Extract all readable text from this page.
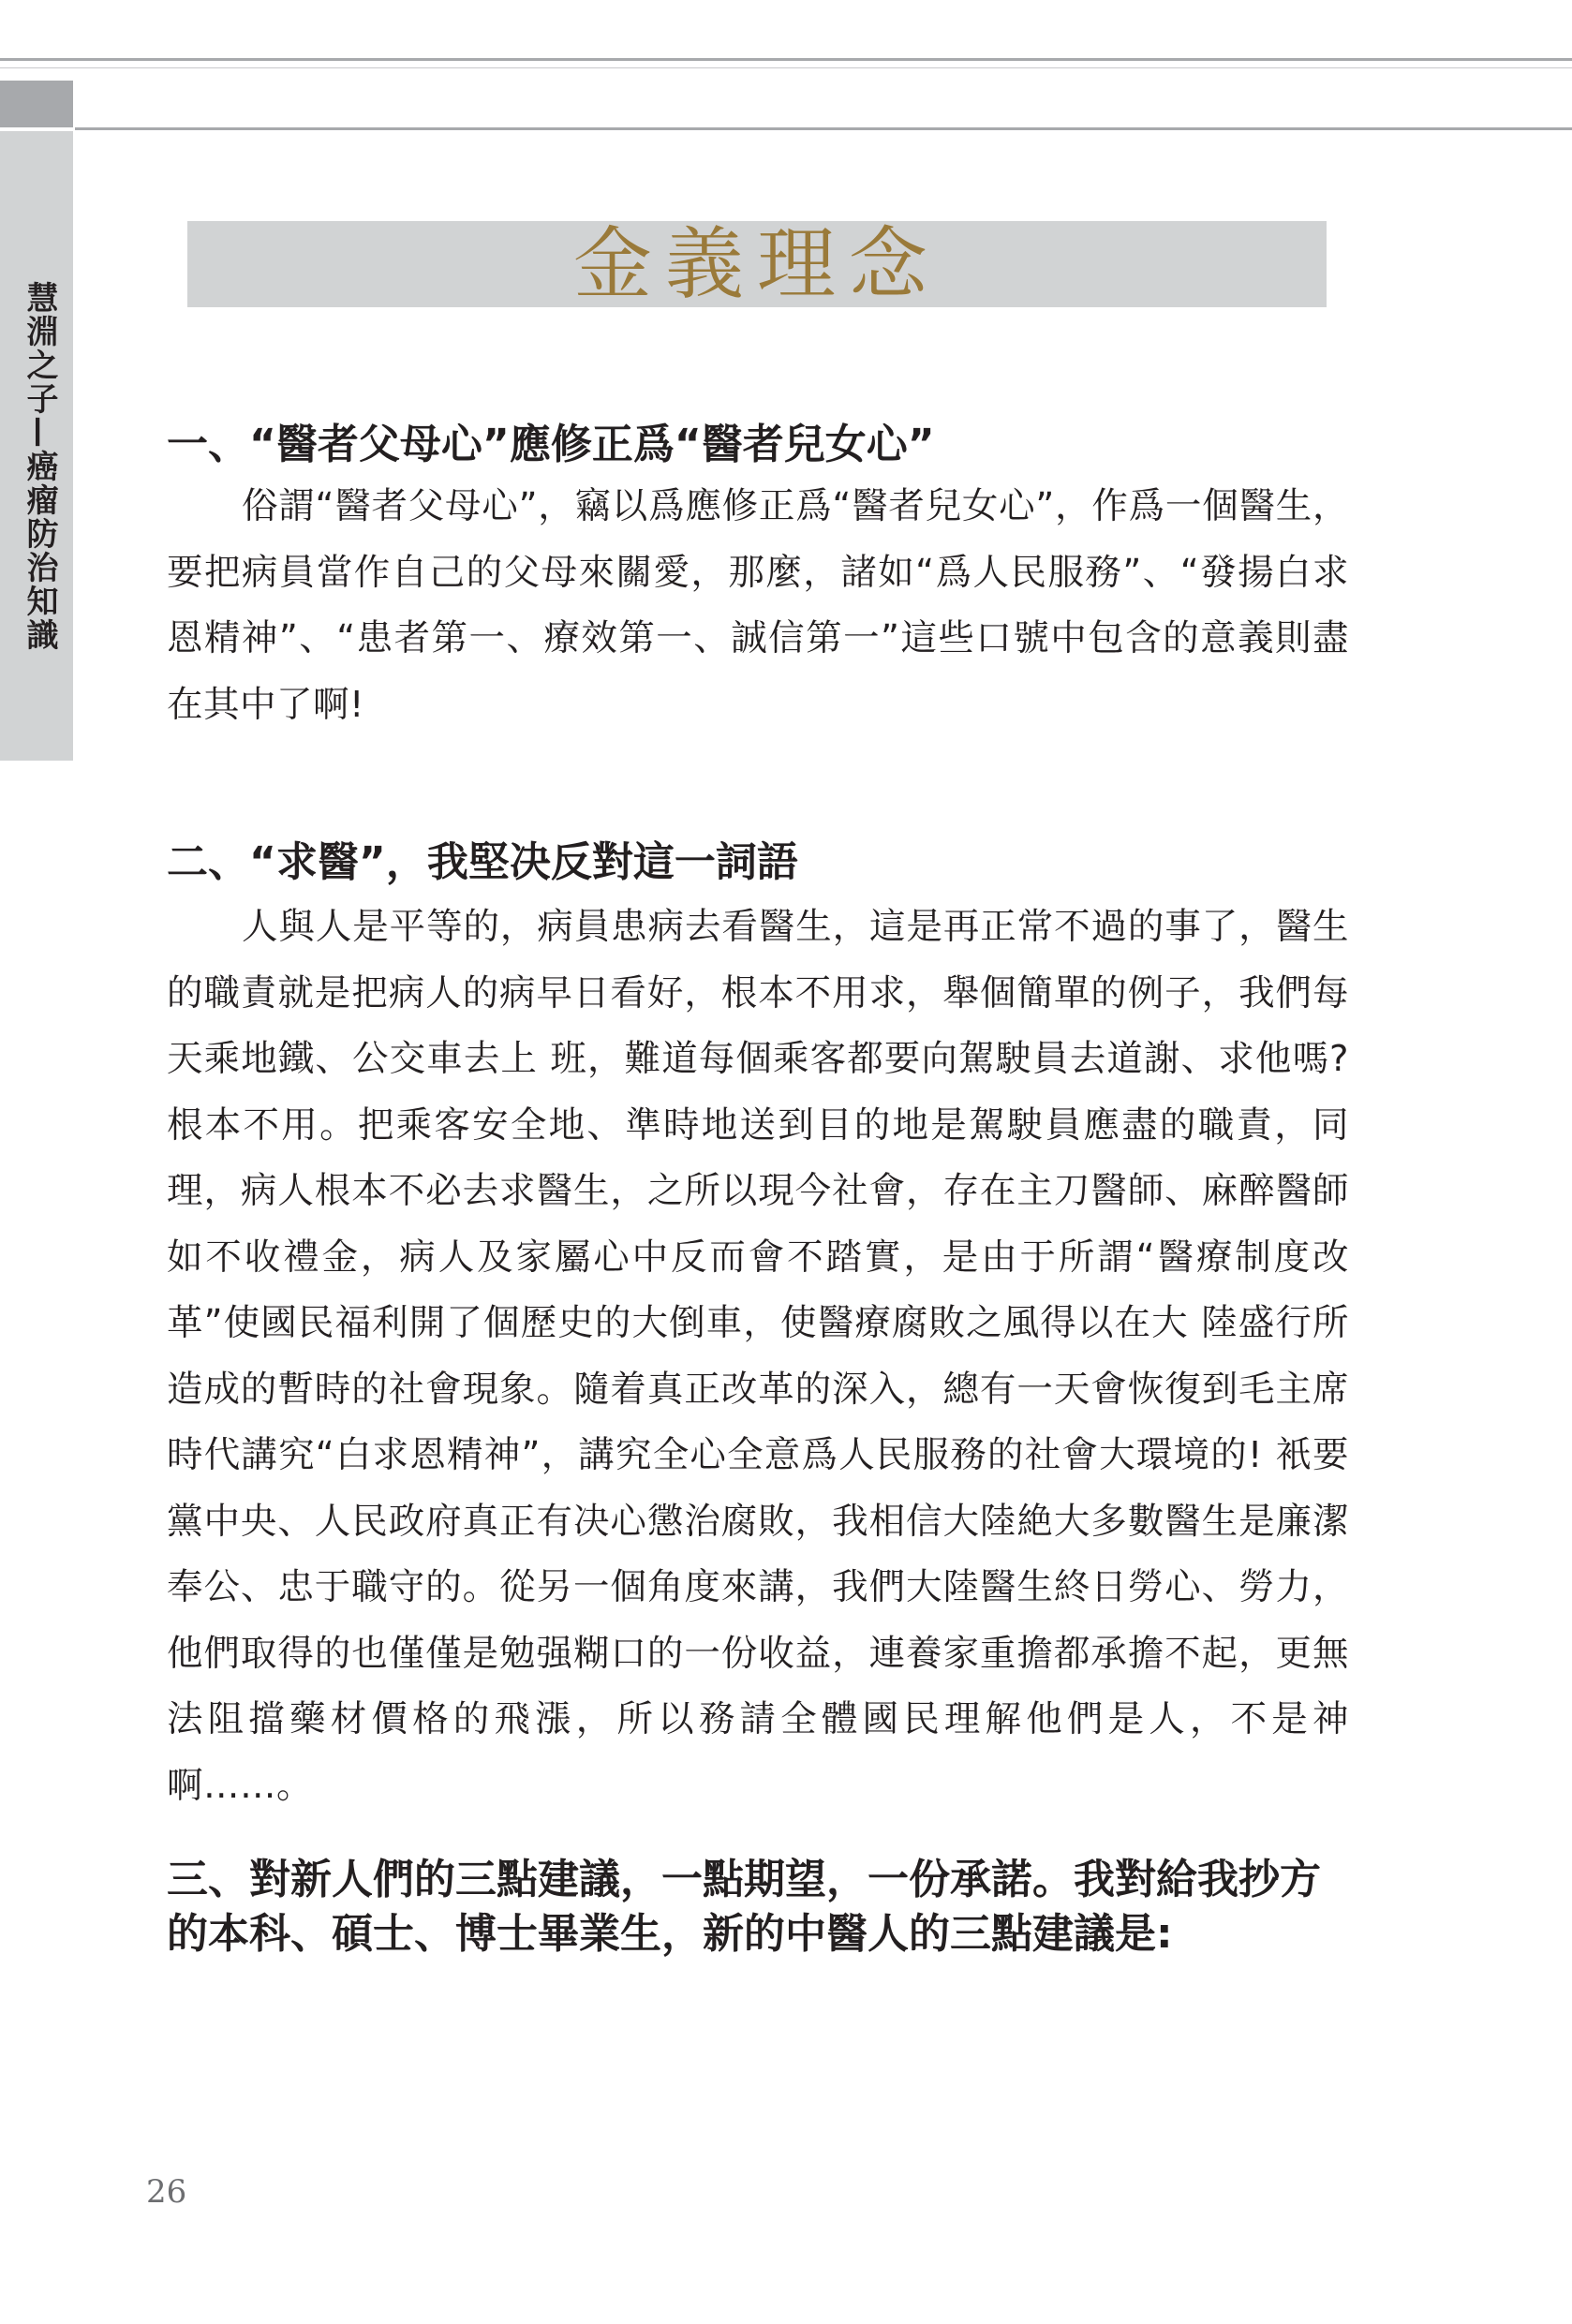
慧淵之子—癌瘤防治知識
金義理念
一、“醫者父母心”應修正爲“醫者兒女心”

俗謂“醫者父母心”，竊以爲應修正爲“醫者兒女心”，作爲一個醫生，要把病員當作自己的父母來關愛，那麼，諸如“爲人民服務”、“發揚白求恩精神”、“患者第一、療效第一、誠信第一”這些口號中包含的意義則盡在其中了啊!

二、“求醫”，我堅决反對這一詞語

人與人是平等的，病員患病去看醫生，這是再正常不過的事了，醫生的職責就是把病人的病早日看好，根本不用求，舉個簡單的例子，我們每天乘地鐵、公交車去上 班，難道每個乘客都要向駕駛員去道謝、求他嗎? 根本不用。把乘客安全地、準時地送到目的地是駕駛員應盡的職責，同理，病人根本不必去求醫生，之所以現今社會，存在主刀醫師、麻醉醫師如不收禮金，病人及家屬心中反而會不踏實，是由于所謂“醫療制度改革”使國民福利開了個歷史的大倒車，使醫療腐敗之風得以在大 陸盛行所造成的暫時的社會現象。隨着真正改革的深入，總有一天會恢復到毛主席時代講究“白求恩精神”，講究全心全意爲人民服務的社會大環境的! 衹要黨中央、人民政府真正有决心懲治腐敗，我相信大陸絶大多數醫生是廉潔奉公、忠于職守的。從另一個角度來講，我們大陸醫生終日勞心、勞力，他們取得的也僅僅是勉强糊口的一份收益，連養家重擔都承擔不起，更無法阻擋藥材價格的飛漲，所以務請全體國民理解他們是人，不是神啊……。

三、對新人們的三點建議，一點期望，一份承諾。我對給我抄方的本科、碩士、博士畢業生，新的中醫人的三點建議是:
26
